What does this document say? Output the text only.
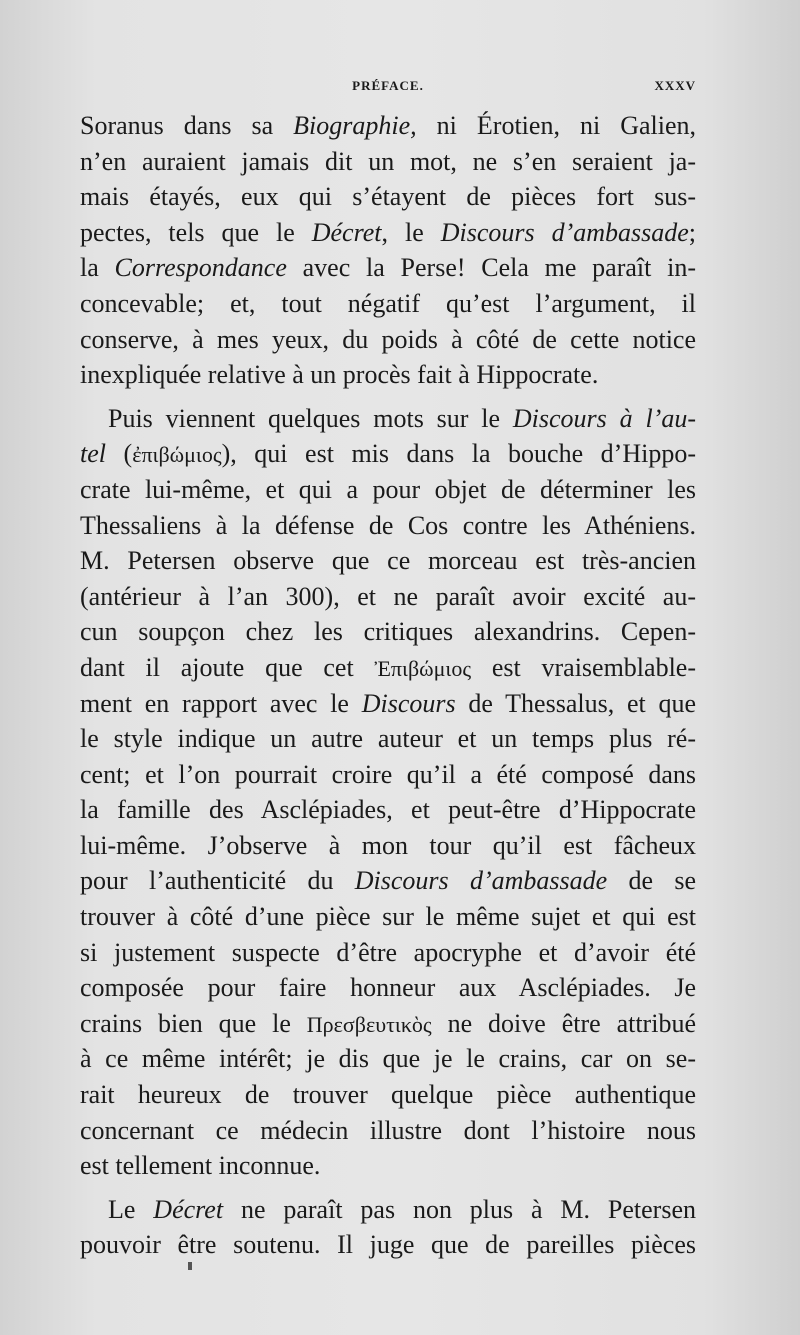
PRÉFACE.	XXXV
Soranus dans sa Biographie, ni Érotien, ni Galien,
n’en auraient jamais dit un mot, ne s’en seraient ja-
mais étayés, eux qui s’étayent de pièces fort sus-
pectes, tels que le Décret, le Discours d’ambassade;
la Correspondance avec la Perse! Cela me paraît in-
concevable; et, tout négatif qu’est l’argument, il
conserve, à mes yeux, du poids à côté de cette notice
inexpliquée relative à un procès fait à Hippocrate.
Puis viennent quelques mots sur le Discours à l’au-
tel (ἐπιβώμιος), qui est mis dans la bouche d’Hippo-
crate lui-même, et qui a pour objet de déterminer les
Thessaliens à la défense de Cos contre les Athéniens.
M. Petersen observe que ce morceau est très-ancien
(antérieur à l’an 300), et ne paraît avoir excité au-
cun soupçon chez les critiques alexandrins. Cepen-
dant il ajoute que cet Ἐπιβώμιος est vraisemblable-
ment en rapport avec le Discours de Thessalus, et que
le style indique un autre auteur et un temps plus ré-
cent; et l’on pourrait croire qu’il a été composé dans
la famille des Asclépiades, et peut-être d’Hippocrate
lui-même. J’observe à mon tour qu’il est fâcheux
pour l’authenticité du Discours d’ambassade de se
trouver à côté d’une pièce sur le même sujet et qui est
si justement suspecte d’être apocryphe et d’avoir été
composée pour faire honneur aux Asclépiades. Je
crains bien que le Πρεσβευτικὸς ne doive être attribué
à ce même intérêt; je dis que je le crains, car on se-
rait heureux de trouver quelque pièce authentique
concernant ce médecin illustre dont l’histoire nous
est tellement inconnue.
Le Décret ne paraît pas non plus à M. Petersen
pouvoir être soutenu. Il juge que de pareilles pièces
